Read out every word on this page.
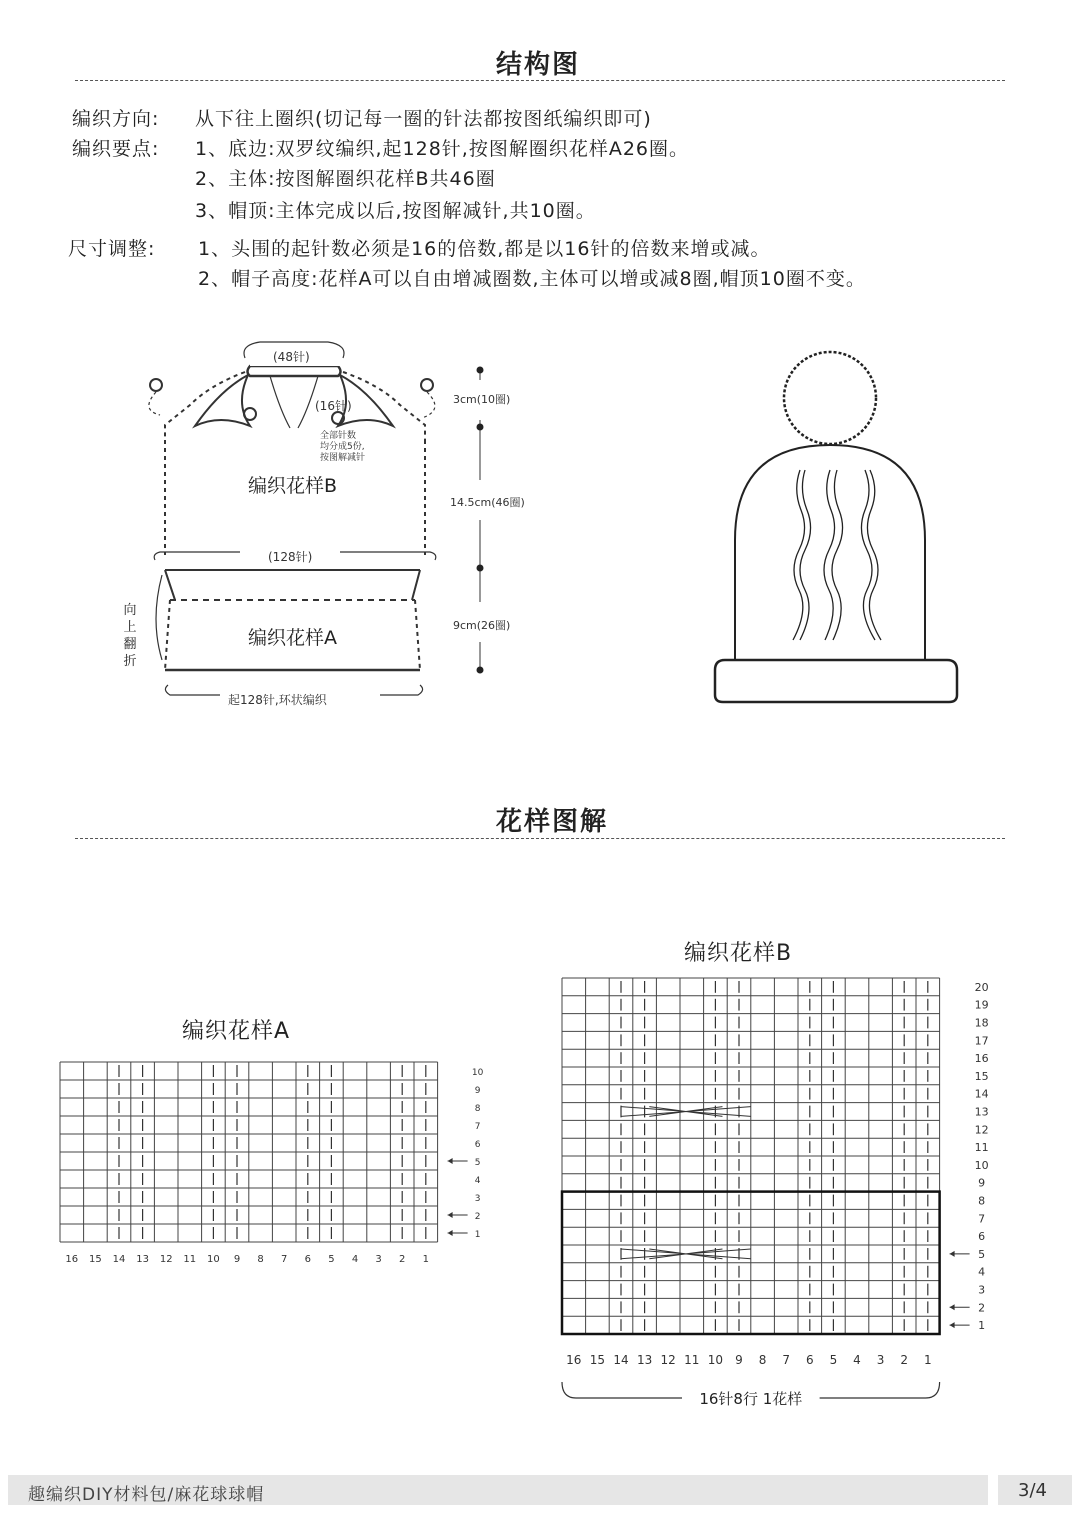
结构图
编织方向: 从下往上圈织(切记每一圈的针法都按图纸编织即可)
编织要点: 1、底边:双罗纹编织,起128针,按图解圈织花样A26圈。
2、主体:按图解圈织花样B共46圈
3、帽顶:主体完成以后,按图解减针,共10圈。
尺寸调整: 1、头围的起针数必须是16的倍数,都是以16针的倍数来增或减。
2、帽子高度:花样A可以自由增减圈数,主体可以增或减8圈,帽顶10圈不变。
(48针)
(16针)
全部针数
均分成5份,
按图解减针
编织花样B
(128针)
编织花样A
起128针,环状编织
3cm(10圈)
14.5cm(46圈)
9cm(26圈)
向上翻折
花样图解
编织花样A
16 15 14 13 12 11 10 9 8 7 6 5 4 3 2 1
1
2
3
4
5
6
7
8
9
10
编织花样B
16 15 14 13 12 11 10 9 8 7 6 5 4 3 2 1
1
2
3
4
5
6
7
8
9
10
11
12
13
14
15
16
17
18
19
20
16针8行 1花样
趣编织DIY材料包/麻花球球帽	3/4
